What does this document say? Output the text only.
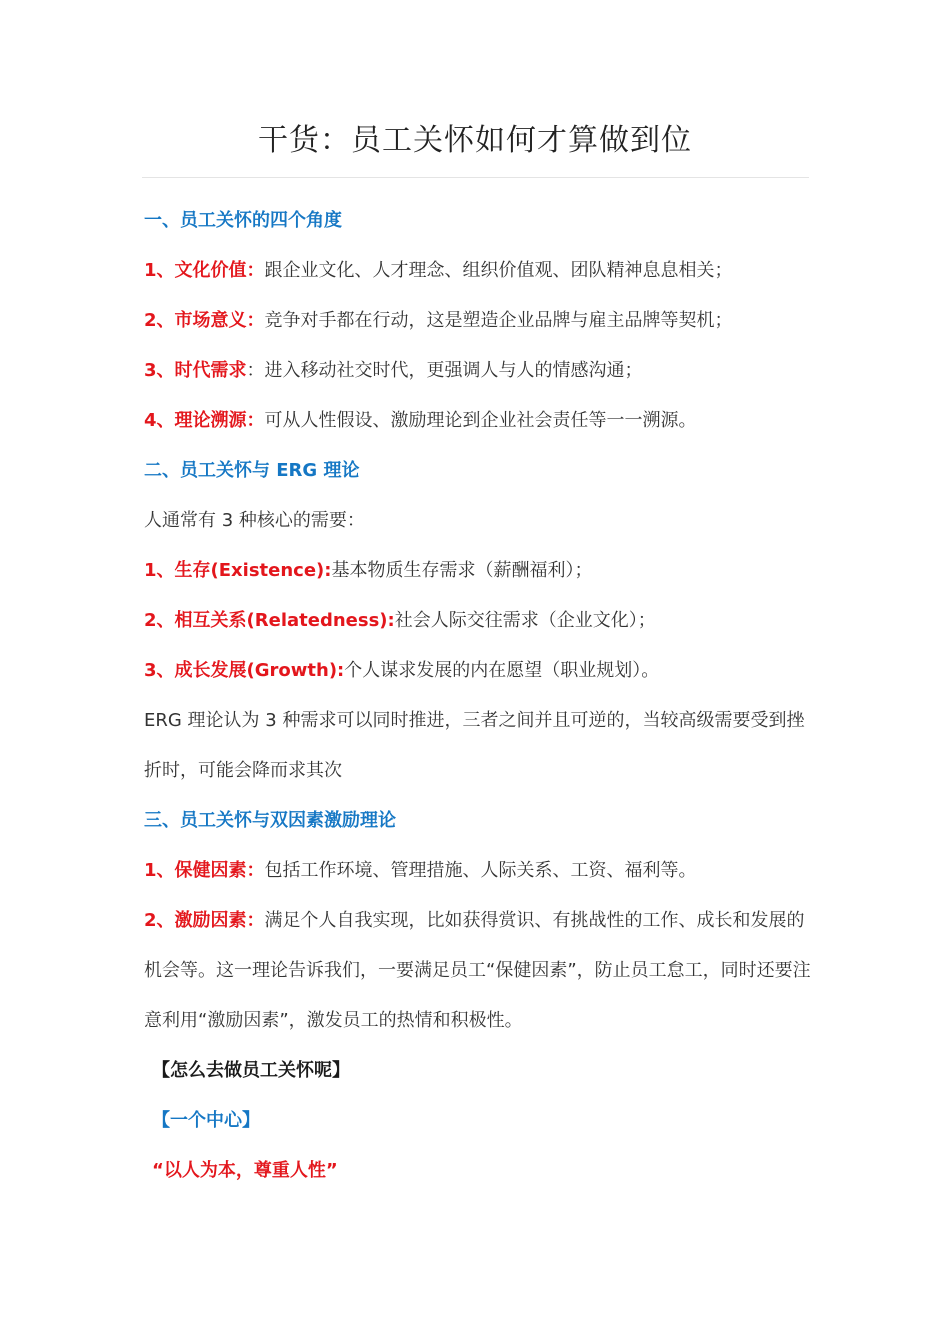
干货：员工关怀如何才算做到位

一、员工关怀的四个角度

1、文化价值：跟企业文化、人才理念、组织价值观、团队精神息息相关；

2、市场意义：竞争对手都在行动，这是塑造企业品牌与雇主品牌等契机；

3、时代需求：进入移动社交时代，更强调人与人的情感沟通；

4、理论溯源：可从人性假设、激励理论到企业社会责任等一一溯源。

二、员工关怀与 ERG 理论

人通常有 3 种核心的需要：

1、生存(Existence):基本物质生存需求（薪酬福利）；

2、相互关系(Relatedness):社会人际交往需求（企业文化）；

3、成长发展(Growth):个人谋求发展的内在愿望（职业规划）。

ERG 理论认为 3 种需求可以同时推进，三者之间并且可逆的，当较高级需要受到挫折时，可能会降而求其次

三、员工关怀与双因素激励理论

1、保健因素：包括工作环境、管理措施、人际关系、工资、福利等。

2、激励因素：满足个人自我实现，比如获得赏识、有挑战性的工作、成长和发展的机会等。这一理论告诉我们，一要满足员工“保健因素”，防止员工怠工，同时还要注意利用“激励因素”，激发员工的热情和积极性。

【怎么去做员工关怀呢】

【一个中心】

“以人为本，尊重人性”
